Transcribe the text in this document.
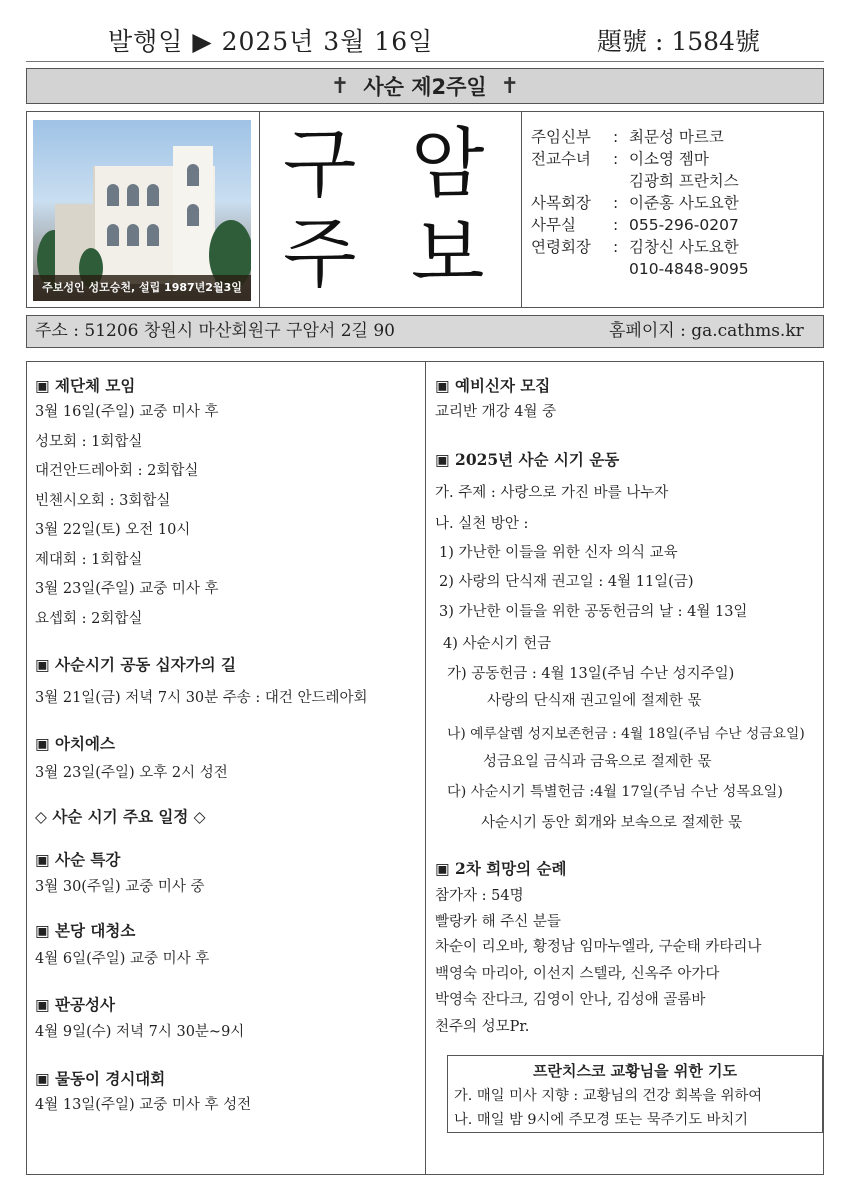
발행일 ▶ 2025년 3월 16일	題號 : 1584號
✝ 사순 제2주일 ✝
주보성인 성모승천, 설립 1987년2월3일
구 암
주 보
주임신부	: 최문성 마르코
전교수녀	: 이소영 젬마
김광희 프란치스
사목회장	: 이준홍 사도요한
사무실	: 055-296-0207
연령회장	: 김창신 사도요한
010-4848-9095
주소 : 51206 창원시 마산회원구 구암서 2길 90	홈페이지 : ga.cathms.kr
▣ 제단체 모임
3월 16일(주일) 교중 미사 후
성모회 : 1회합실
대건안드레아회 : 2회합실
빈첸시오회 : 3회합실
3월 22일(토) 오전 10시
제대회 : 1회합실
3월 23일(주일) 교중 미사 후
요셉회 : 2회합실
▣ 사순시기 공동 십자가의 길
3월 21일(금) 저녁 7시 30분 주송 : 대건 안드레아회
▣ 아치에스
3월 23일(주일) 오후 2시 성전
◇ 사순 시기 주요 일정 ◇
▣ 사순 특강
3월 30(주일) 교중 미사 중
▣ 본당 대청소
4월 6일(주일) 교중 미사 후
▣ 판공성사
4월 9일(수) 저녁 7시 30분~9시
▣ 물동이 경시대회
4월 13일(주일) 교중 미사 후 성전
▣ 예비신자 모집
교리반 개강 4월 중
▣ 2025년 사순 시기 운동
가. 주제 : 사랑으로 가진 바를 나누자
나. 실천 방안 :
1) 가난한 이들을 위한 신자 의식 교육
2) 사랑의 단식재 권고일 : 4월 11일(금)
3) 가난한 이들을 위한 공동헌금의 날 : 4월 13일
4) 사순시기 헌금
가) 공동헌금 : 4월 13일(주님 수난 성지주일)
사랑의 단식재 권고일에 절제한 몫
나) 예루살렘 성지보존헌금 : 4월 18일(주님 수난 성금요일)
성금요일 금식과 금육으로 절제한 몫
다) 사순시기 특별헌금 :4월 17일(주님 수난 성목요일)
사순시기 동안 회개와 보속으로 절제한 몫
▣ 2차 희망의 순례
참가자 : 54명
빨랑카 해 주신 분들
차순이 리오바, 황정남 임마누엘라, 구순태 카타리나
백영숙 마리아, 이선지 스텔라, 신옥주 아가다
박영숙 잔다크, 김영이 안나, 김성애 골롬바
천주의 성모Pr.
프란치스코 교황님을 위한 기도
가. 매일 미사 지향 : 교황님의 건강 회복을 위하여
나. 매일 밤 9시에 주모경 또는 묵주기도 바치기
